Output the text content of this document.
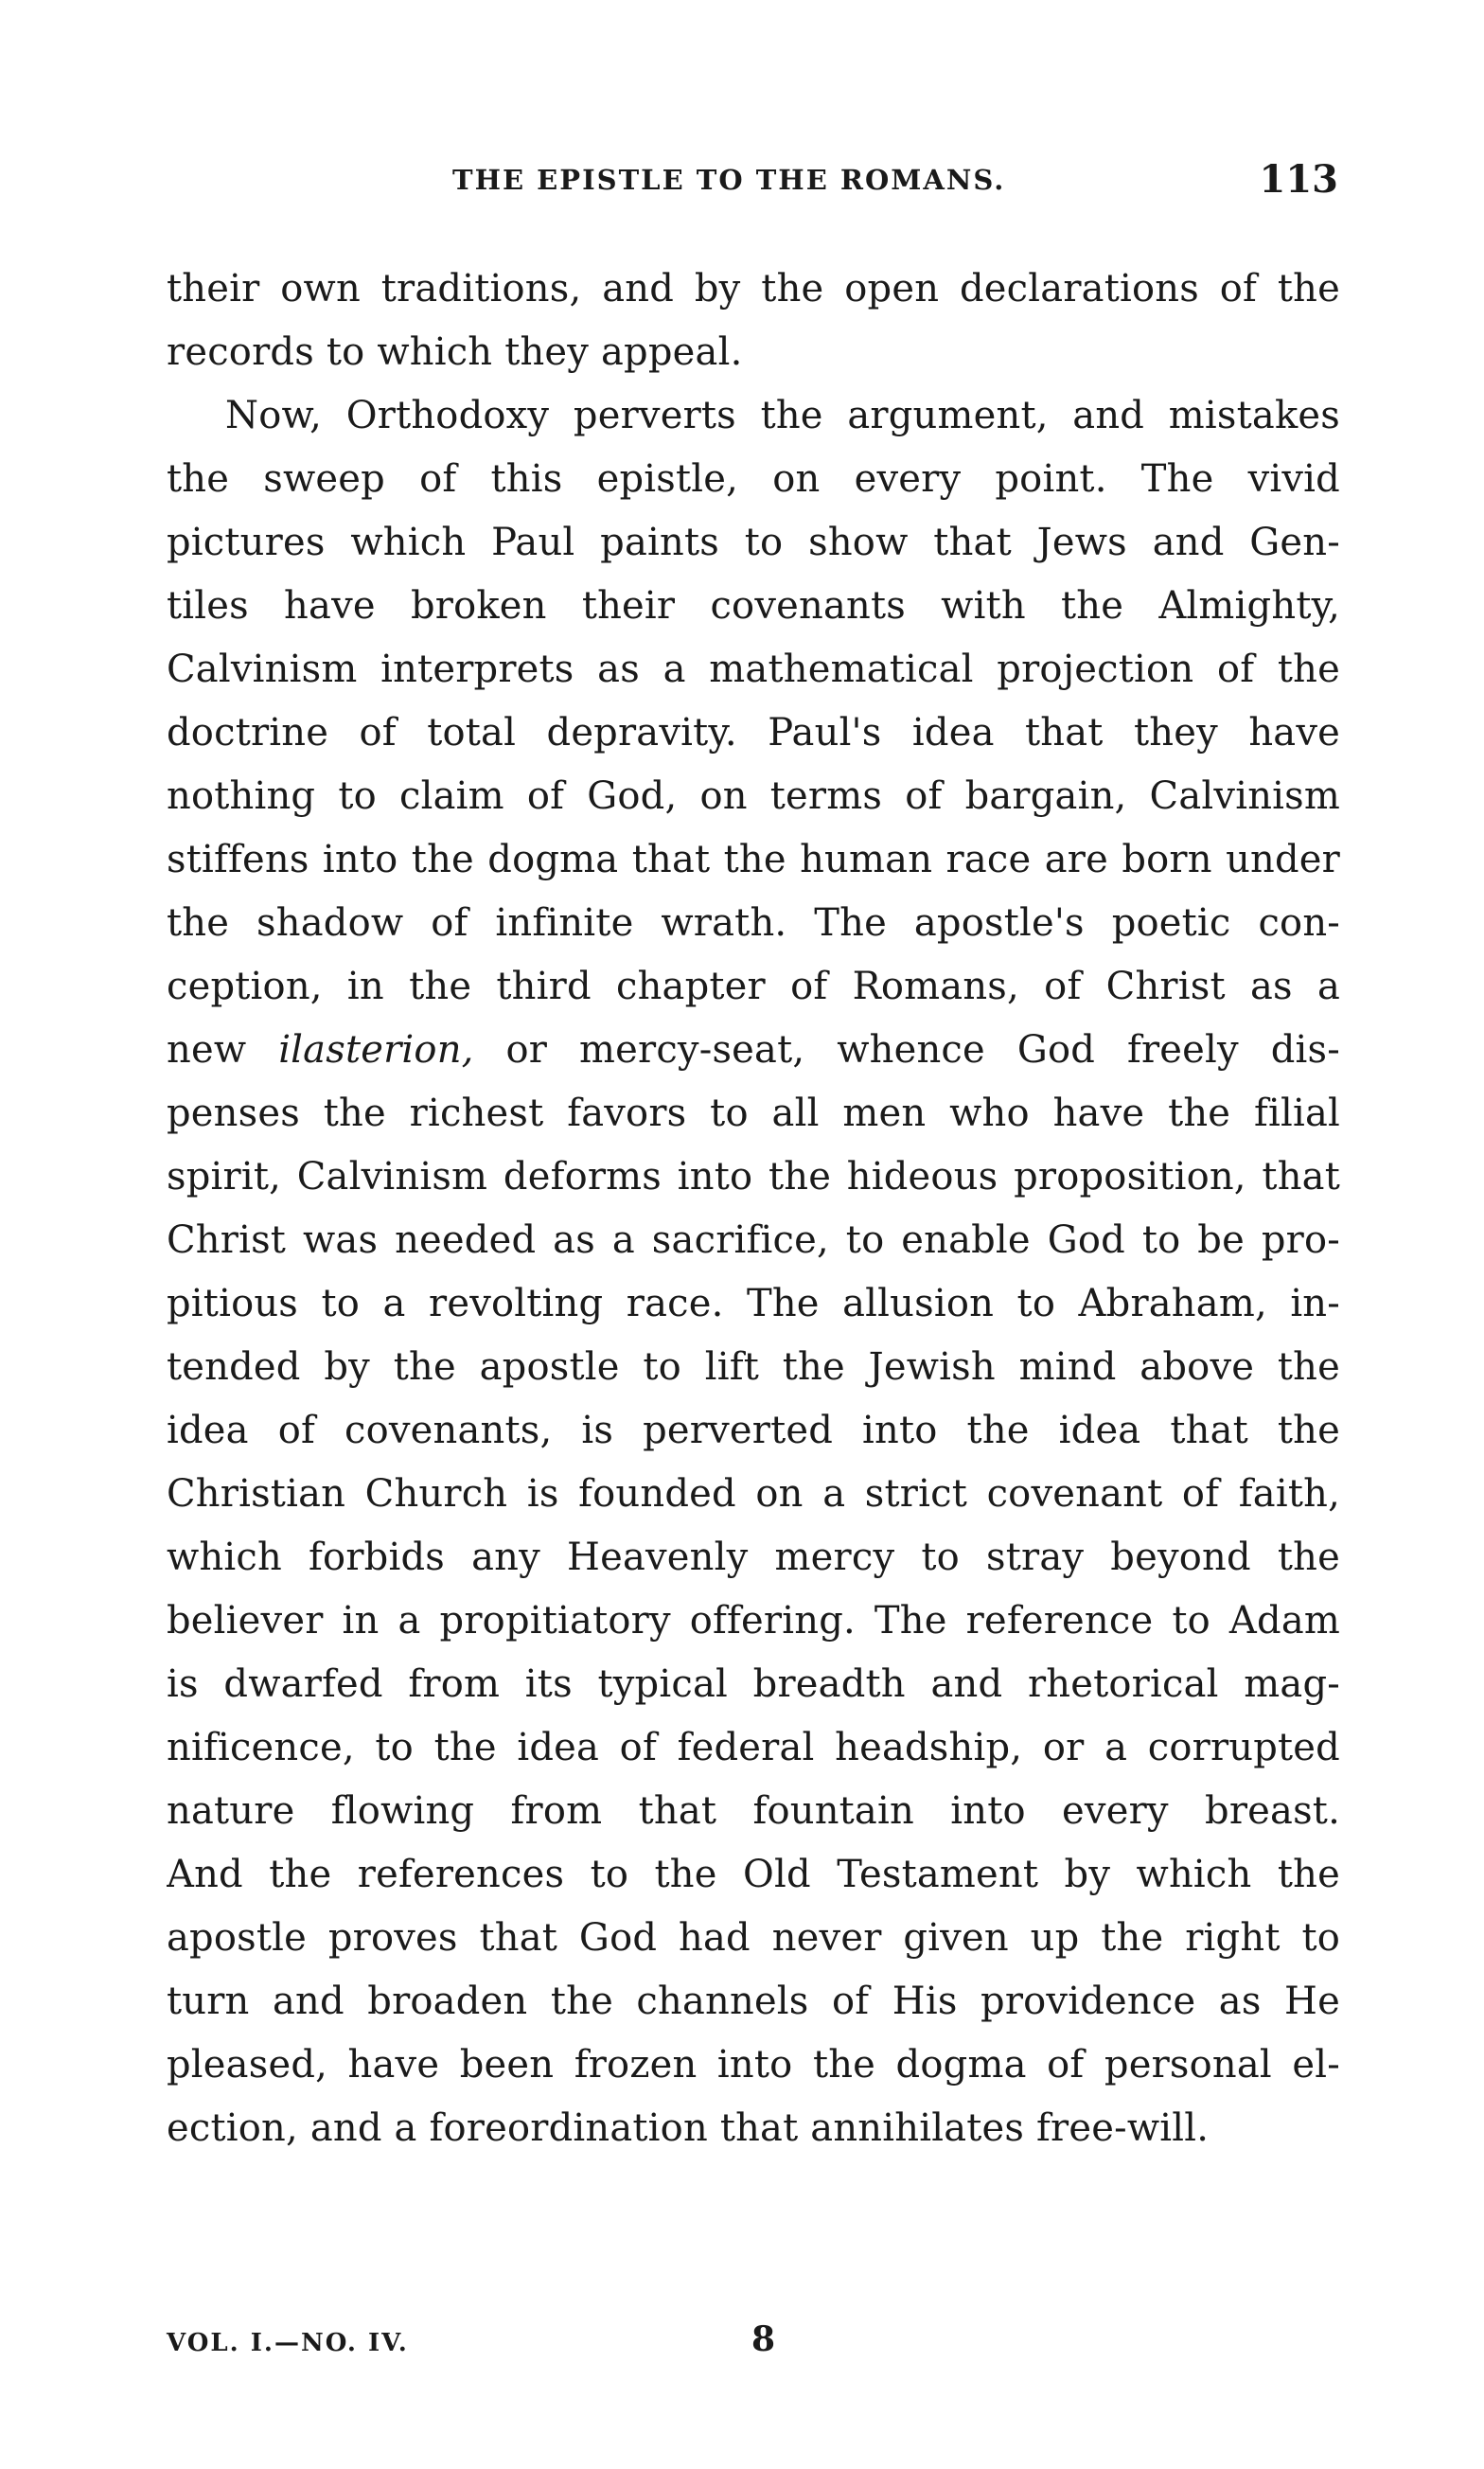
THE EPISTLE TO THE ROMANS.	113
their own traditions, and by the open declarations of the
records to which they appeal.
Now, Orthodoxy perverts the argument, and mistakes
the sweep of this epistle, on every point. The vivid
pictures which Paul paints to show that Jews and Gen-
tiles have broken their covenants with the Almighty,
Calvinism interprets as a mathematical projection of the
doctrine of total depravity. Paul's idea that they have
nothing to claim of God, on terms of bargain, Calvinism
stiffens into the dogma that the human race are born under
the shadow of infinite wrath. The apostle's poetic con-
ception, in the third chapter of Romans, of Christ as a
new ilasterion, or mercy-seat, whence God freely dis-
penses the richest favors to all men who have the filial
spirit, Calvinism deforms into the hideous proposition, that
Christ was needed as a sacrifice, to enable God to be pro-
pitious to a revolting race. The allusion to Abraham, in-
tended by the apostle to lift the Jewish mind above the
idea of covenants, is perverted into the idea that the
Christian Church is founded on a strict covenant of faith,
which forbids any Heavenly mercy to stray beyond the
believer in a propitiatory offering. The reference to Adam
is dwarfed from its typical breadth and rhetorical mag-
nificence, to the idea of federal headship, or a corrupted
nature flowing from that fountain into every breast.
And the references to the Old Testament by which the
apostle proves that God had never given up the right to
turn and broaden the channels of His providence as He
pleased, have been frozen into the dogma of personal el-
ection, and a foreordination that annihilates free-will.
VOL. I.—NO. IV.	8
